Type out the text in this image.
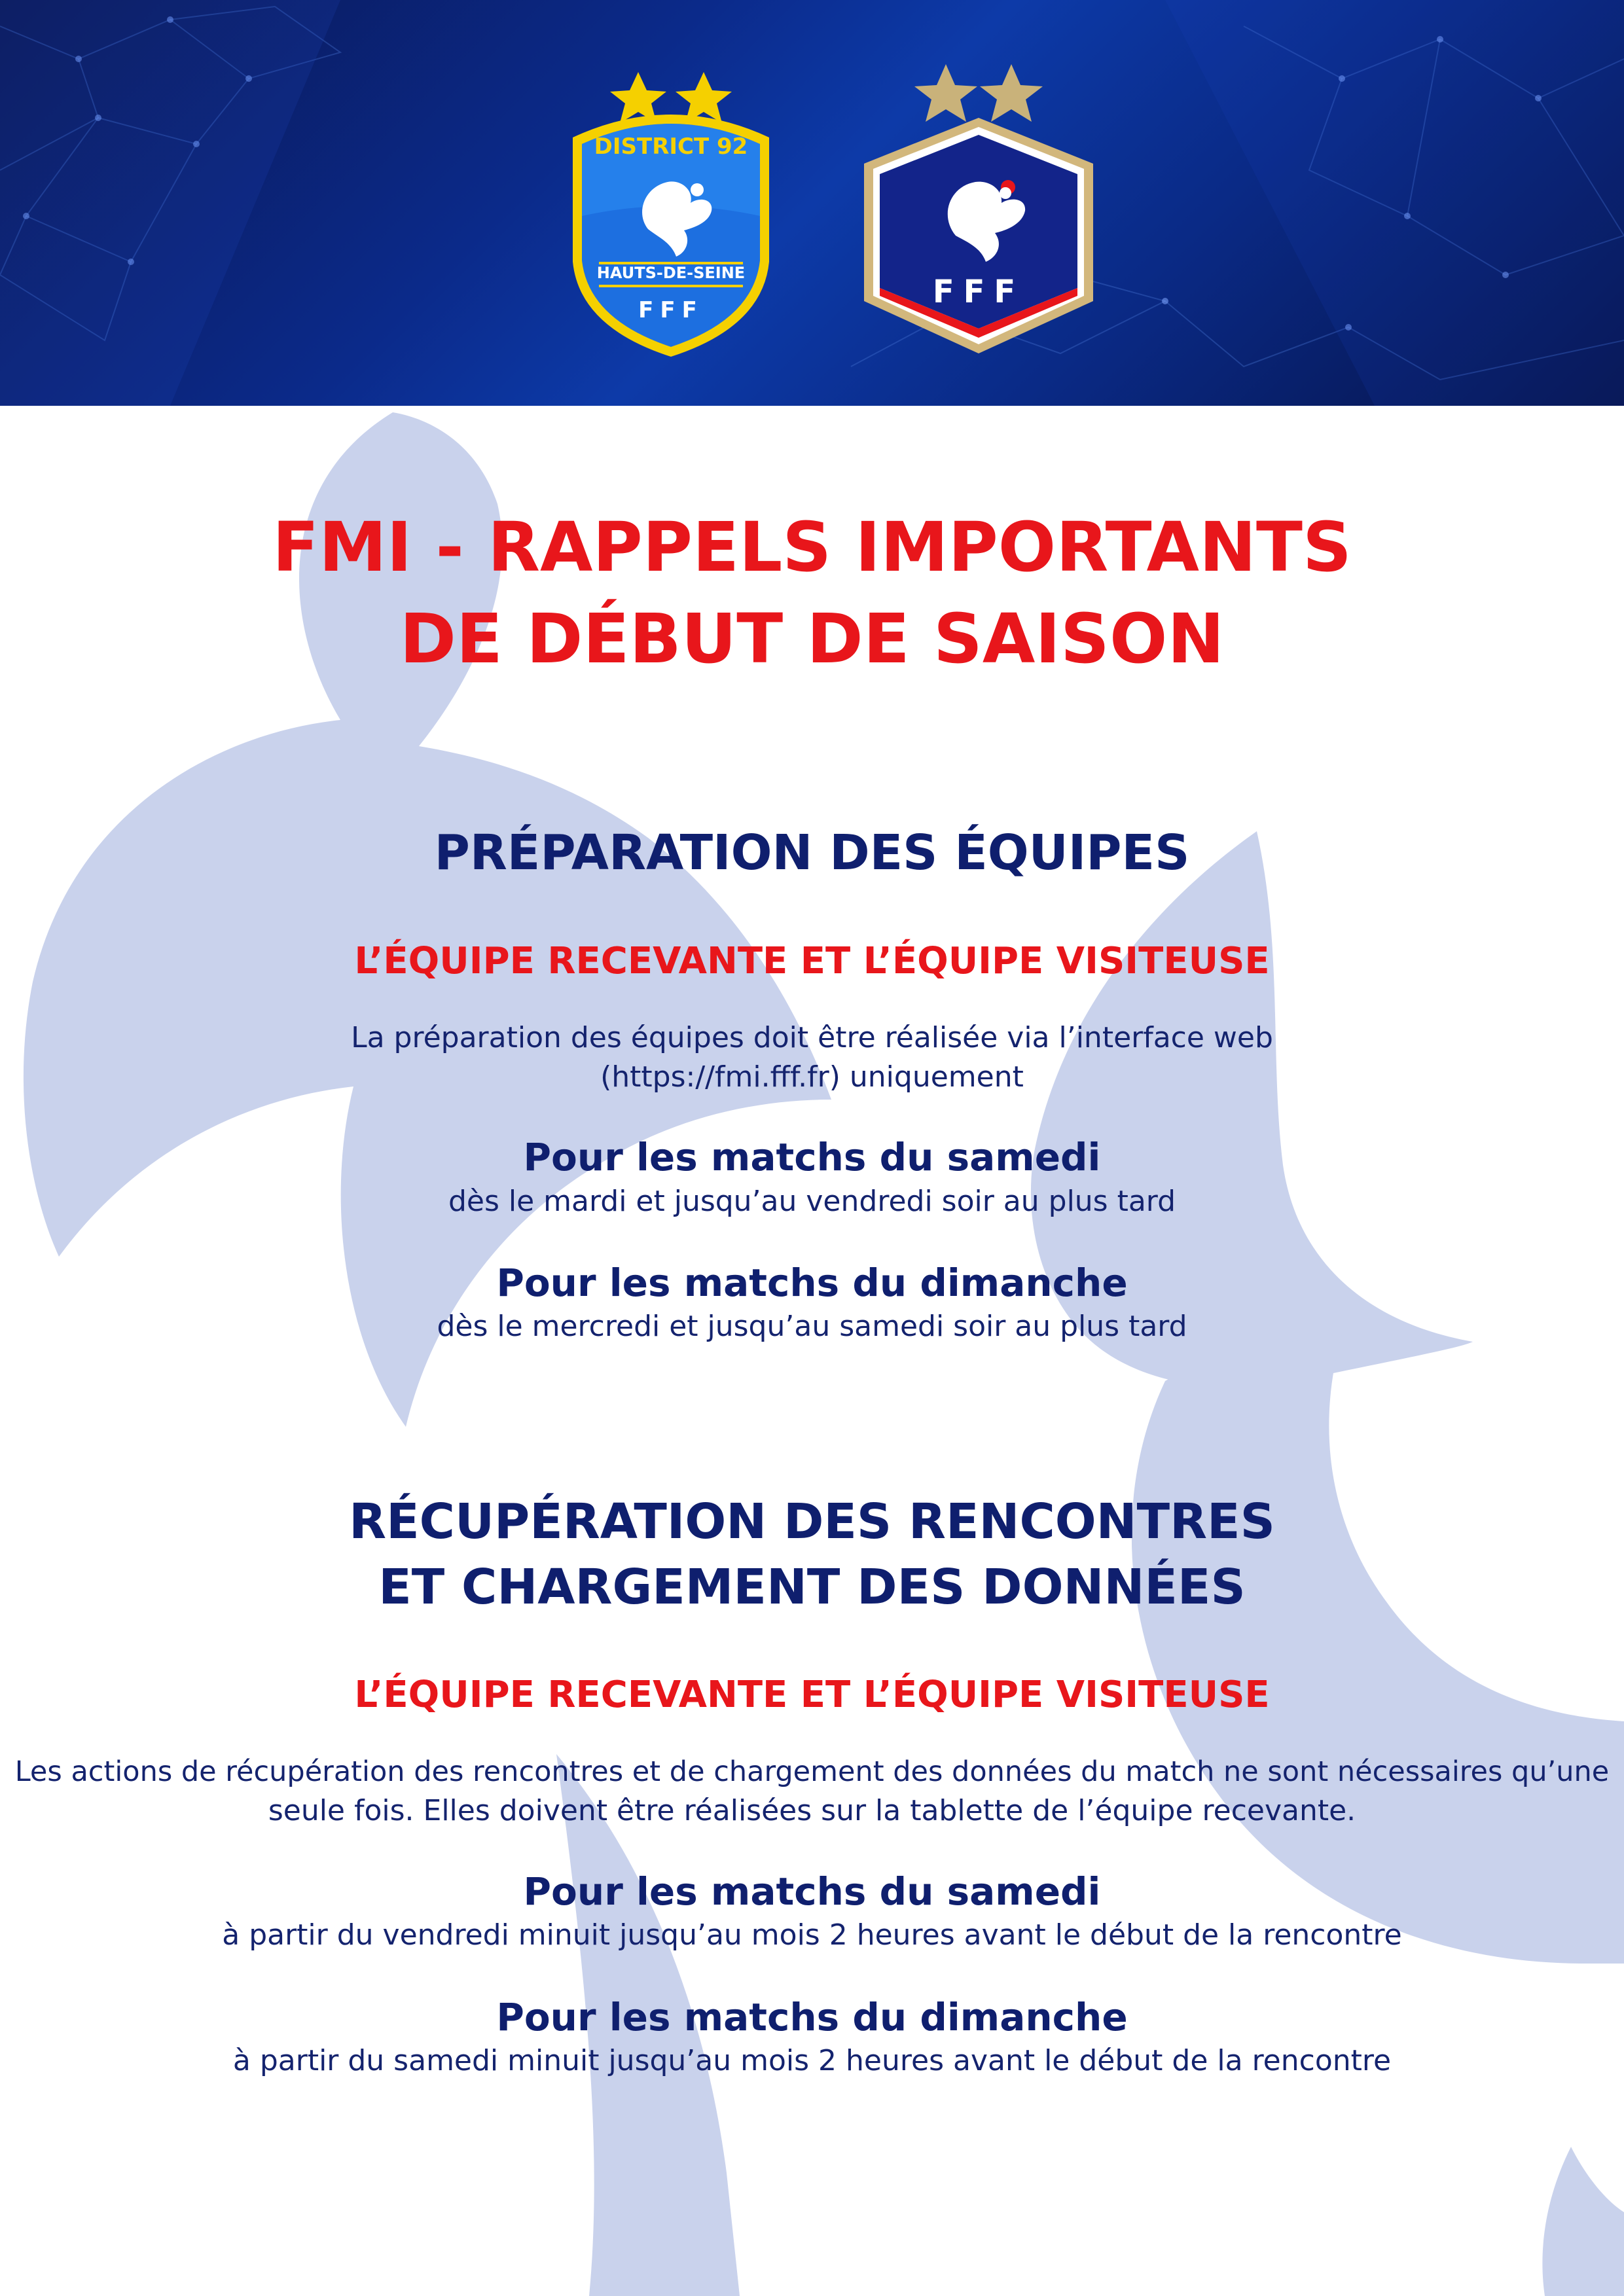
DISTRICT 92
HAUTS-DE-SEINE
FFF	FFF
FMI - RAPPELS IMPORTANTS
DE DÉBUT DE SAISON
PRÉPARATION DES ÉQUIPES
L’ÉQUIPE RECEVANTE ET L’ÉQUIPE VISITEUSE

La préparation des équipes doit être réalisée via l’interface web

(https://fmi.fff.fr) uniquement

Pour les matchs du samedi

dès le mardi et jusqu’au vendredi soir au plus tard

Pour les matchs du dimanche

dès le mercredi et jusqu’au samedi soir au plus tard

RÉCUPÉRATION DES RENCONTRES
ET CHARGEMENT DES DONNÉES
L’ÉQUIPE RECEVANTE ET L’ÉQUIPE VISITEUSE

Les actions de récupération des rencontres et de chargement des données du match ne sont nécessaires qu’une

seule fois. Elles doivent être réalisées sur la tablette de l’équipe recevante.

Pour les matchs du samedi

à partir du vendredi minuit jusqu’au mois 2 heures avant le début de la rencontre

Pour les matchs du dimanche

à partir du samedi minuit jusqu’au mois 2 heures avant le début de la rencontre
